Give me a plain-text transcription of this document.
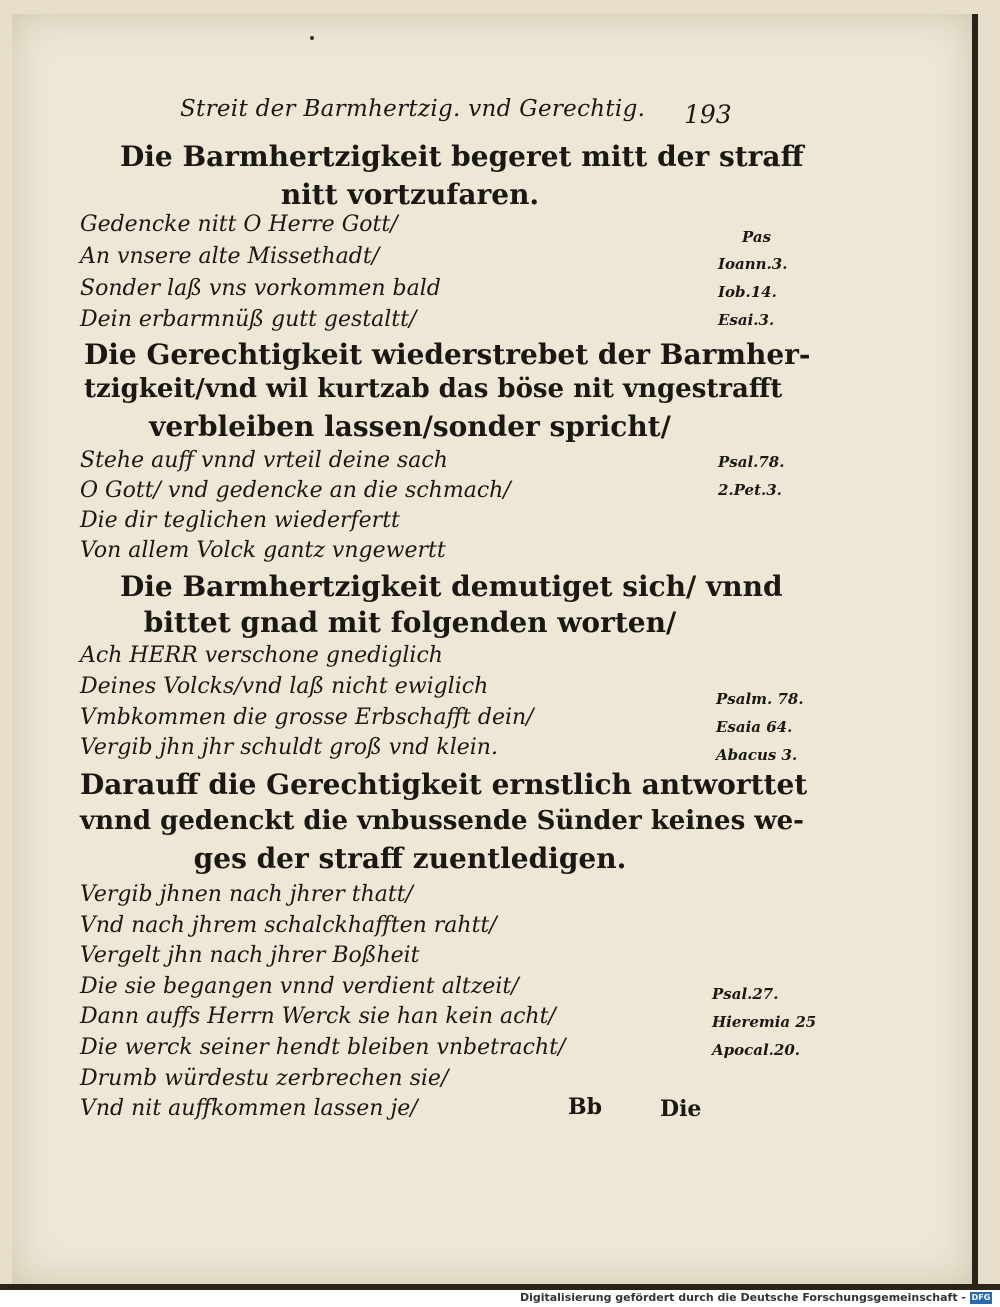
Streit der Barmhertzig. vnd Gerechtig. 193
Die Barmhertzigkeit begeret mitt der straff
nitt vortzufaren.
Gedencke nitt O Herre Gott/
An vnsere alte Missethadt/
Sonder laß vns vorkommen bald
Dein erbarmnüß gutt gestaltt/
Pas
Ioann.3.
Iob.14.
Esai.3.
Die Gerechtigkeit wiederstrebet der Barmher‑
tzigkeit/vnd wil kurtzab das böse nit vngestrafft
verbleiben lassen/sonder spricht/
Stehe auff vnnd vrteil deine sach
O Gott/ vnd gedencke an die schmach/
Die dir teglichen wiederfertt
Von allem Volck gantz vngewertt
Psal.78.
2.Pet.3.
Die Barmhertzigkeit demutiget sich/ vnnd
bittet gnad mit folgenden worten/
Ach HERR verschone gnediglich
Deines Volcks/vnd laß nicht ewiglich
Vmbkommen die grosse Erbschafft dein/
Vergib jhn jhr schuldt groß vnd klein.
Psalm. 78.
Esaia 64.
Abacus 3.
Darauff die Gerechtigkeit ernstlich antworttet
vnnd gedenckt die vnbussende Sünder keines we‑
ges der straff zuentledigen.
Vergib jhnen nach jhrer thatt/
Vnd nach jhrem schalckhafften rahtt/
Vergelt jhn nach jhrer Boßheit
Die sie begangen vnnd verdient altzeit/
Dann auffs Herrn Werck sie han kein acht/
Die werck seiner hendt bleiben vnbetracht/
Drumb würdestu zerbrechen sie/
Vnd nit auffkommen lassen je/
Psal.27.
Hieremia 25
Apocal.20.
Bb	Die
Digitalisierung gefördert durch die Deutsche Forschungsgemeinschaft - DFG
